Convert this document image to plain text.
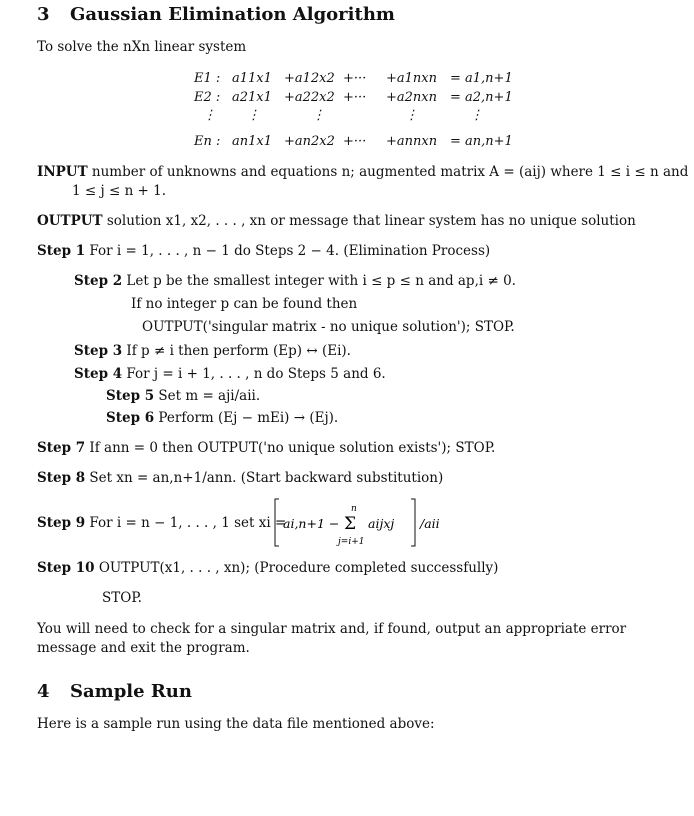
3 Gaussian Elimination Algorithm
To solve the nXn linear system
E1 : a11x1 +a12x2 +··· +a1nxn = a1,n+1
E2 : a21x1 +a22x2 +··· +a2nxn = a2,n+1
⋮ ⋮	⋮	⋮	⋮
En : an1x1 +an2x2 +··· +annxn = an,n+1
INPUT number of unknowns and equations n; augmented matrix A = (aij) where 1 ≤ i ≤ n and
1 ≤ j ≤ n + 1.
OUTPUT solution x1, x2, . . . , xn or message that linear system has no unique solution
Step 1 For i = 1, . . . , n − 1 do Steps 2 − 4. (Elimination Process)
Step 2 Let p be the smallest integer with i ≤ p ≤ n and ap,i ≠ 0.
If no integer p can be found then
OUTPUT('singular matrix - no unique solution'); STOP.
Step 3 If p ≠ i then perform (Ep) ↔ (Ei).
Step 4 For j = i + 1, . . . , n do Steps 5 and 6.
Step 5 Set m = aji/aii.
Step 6 Perform (Ej − mEi) → (Ej).
Step 7 If ann = 0 then OUTPUT('no unique solution exists'); STOP.
Step 8 Set xn = an,n+1/ann. (Start backward substitution)
Step 9 For i = n − 1, . . . , 1 set xi =
ai,n+1 − Σ
n
j=i+1
aijxj /aii
Step 10 OUTPUT(x1, . . . , xn); (Procedure completed successfully)
STOP.
You will need to check for a singular matrix and, if found, output an appropriate error message and exit the program.
4 Sample Run
Here is a sample run using the data file mentioned above:
